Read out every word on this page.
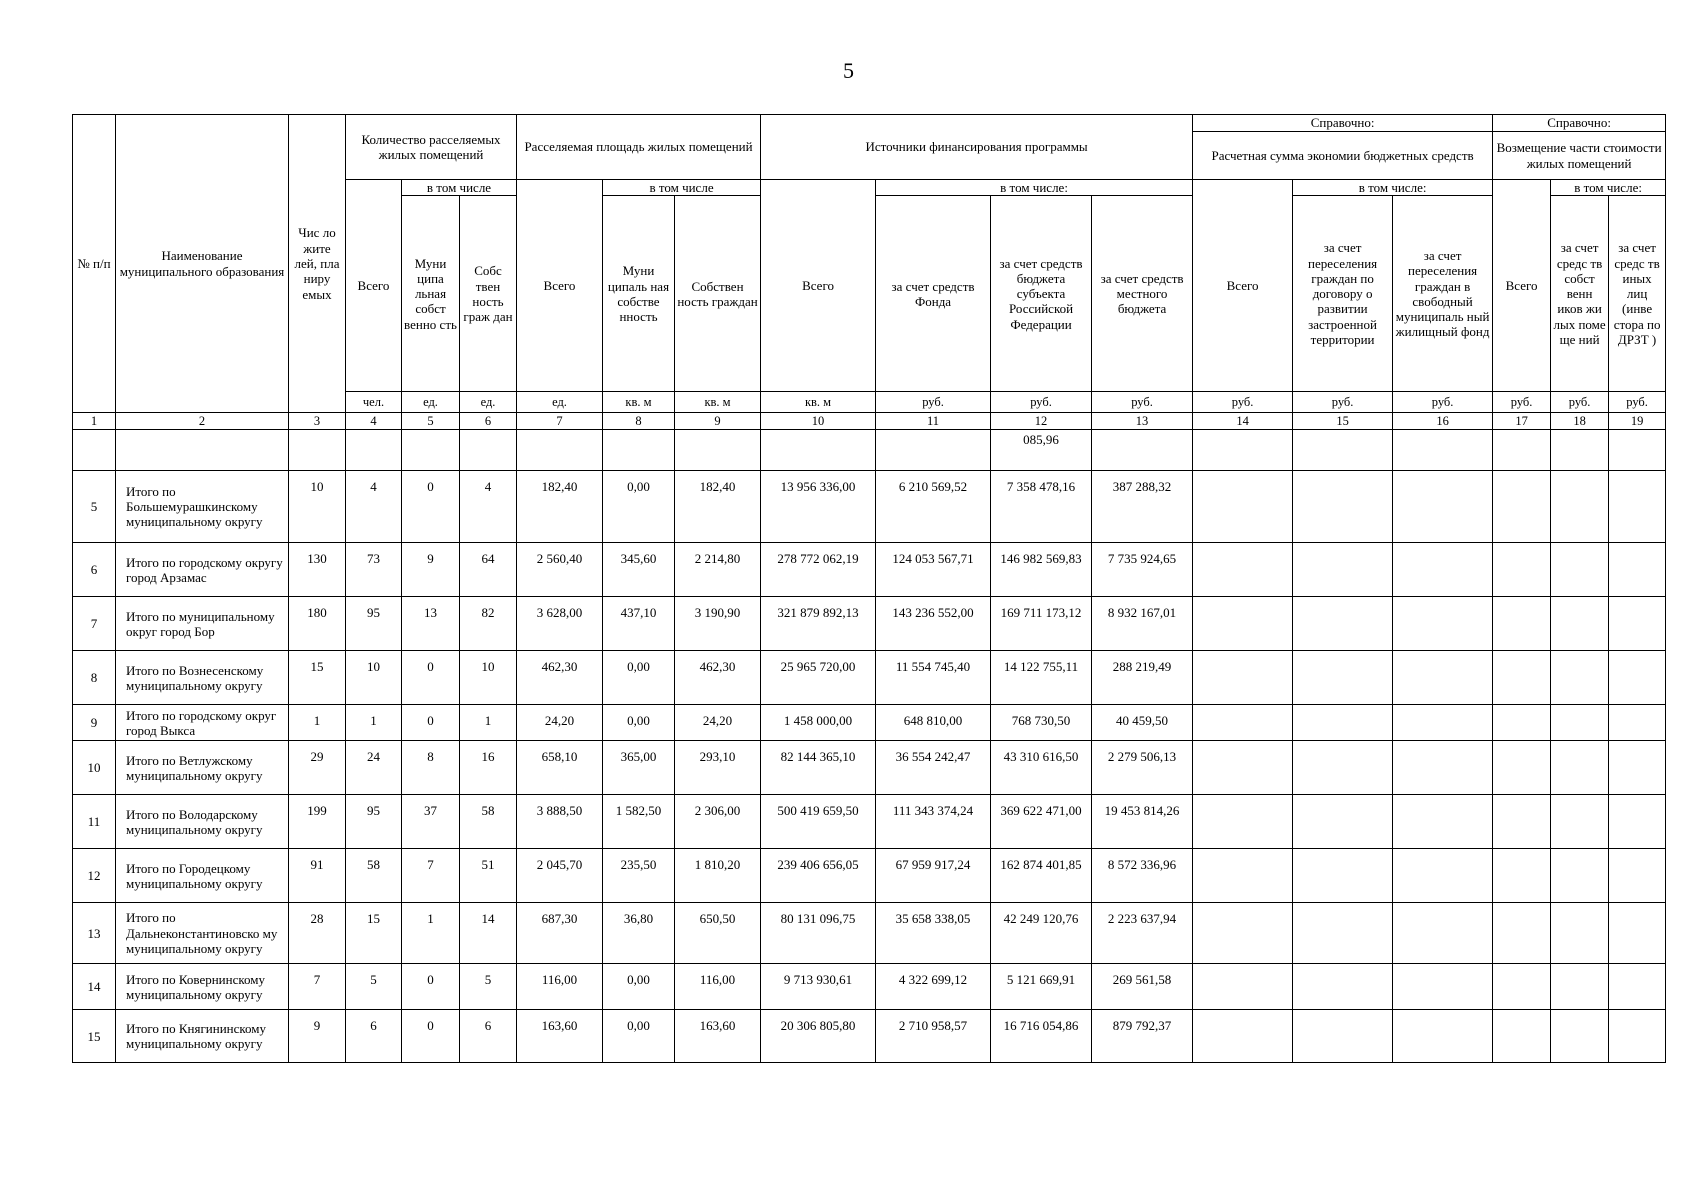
5
№ п/п	Наименование муниципального образования	Чис ло жите лей, пла ниру емых	Количество расселяемых жилых помещений			Расселяемая площадь жилых помещений			Источники финансирования программы				Справочно:			Справочно:			
													Расчетная сумма экономии бюджетных средств			Возмещение части стоимости жилых помещений			
			Всего	в том числе		Всего	в том числе		Всего	в том числе:			Всего	в том числе:		Всего	в том числе:		
				Муни ципа льная собст венно сть	Собс твен ность граж дан		Муни ципаль ная собстве нность	Собствен ность граждан		за счет средств Фонда	за счет средств бюджета субъекта Российской Федерации	за счет средств местного бюджета		за счет переселения граждан по договору о развитии застроенной территории	за счет переселения граждан в свободный муниципаль ный жилищный фонд		за счет средс тв собст венн иков жи лых поме ще ний	за счет средс тв иных лиц (инве стора по ДРЗТ )	
			чел.	ед.	ед.	ед.	кв. м	кв. м	кв. м	руб.	руб.	руб.	руб.	руб.	руб.	руб.	руб.	руб.	
1	2	3	4	5	6	7	8	9	10	11	12	13	14	15	16	17	18	19	
											085,96								
5	Итого по Большемурашкинскому муниципальному округу	10	4	0	4	182,40	0,00	182,40	13 956 336,00	6 210 569,52	7 358 478,16	387 288,32							
6	Итого по городскому округу город Арзамас	130	73	9	64	2 560,40	345,60	2 214,80	278 772 062,19	124 053 567,71	146 982 569,83	7 735 924,65							
7	Итого по муниципальному округ город Бор	180	95	13	82	3 628,00	437,10	3 190,90	321 879 892,13	143 236 552,00	169 711 173,12	8 932 167,01							
8	Итого по Вознесенскому муниципальному округу	15	10	0	10	462,30	0,00	462,30	25 965 720,00	11 554 745,40	14 122 755,11	288 219,49							
9	Итого по городскому округ город Выкса	1	1	0	1	24,20	0,00	24,20	1 458 000,00	648 810,00	768 730,50	40 459,50							
10	Итого по Ветлужскому муниципальному округу	29	24	8	16	658,10	365,00	293,10	82 144 365,10	36 554 242,47	43 310 616,50	2 279 506,13							
11	Итого по Володарскому муниципальному округу	199	95	37	58	3 888,50	1 582,50	2 306,00	500 419 659,50	111 343 374,24	369 622 471,00	19 453 814,26							
12	Итого по Городецкому муниципальному округу	91	58	7	51	2 045,70	235,50	1 810,20	239 406 656,05	67 959 917,24	162 874 401,85	8 572 336,96							
13	Итого по Дальнеконстантиновско му муниципальному округу	28	15	1	14	687,30	36,80	650,50	80 131 096,75	35 658 338,05	42 249 120,76	2 223 637,94							
14	Итого по Ковернинскому муниципальному округу	7	5	0	5	116,00	0,00	116,00	9 713 930,61	4 322 699,12	5 121 669,91	269 561,58							
15	Итого по Княгининскому муниципальному округу	9	6	0	6	163,60	0,00	163,60	20 306 805,80	2 710 958,57	16 716 054,86	879 792,37							
